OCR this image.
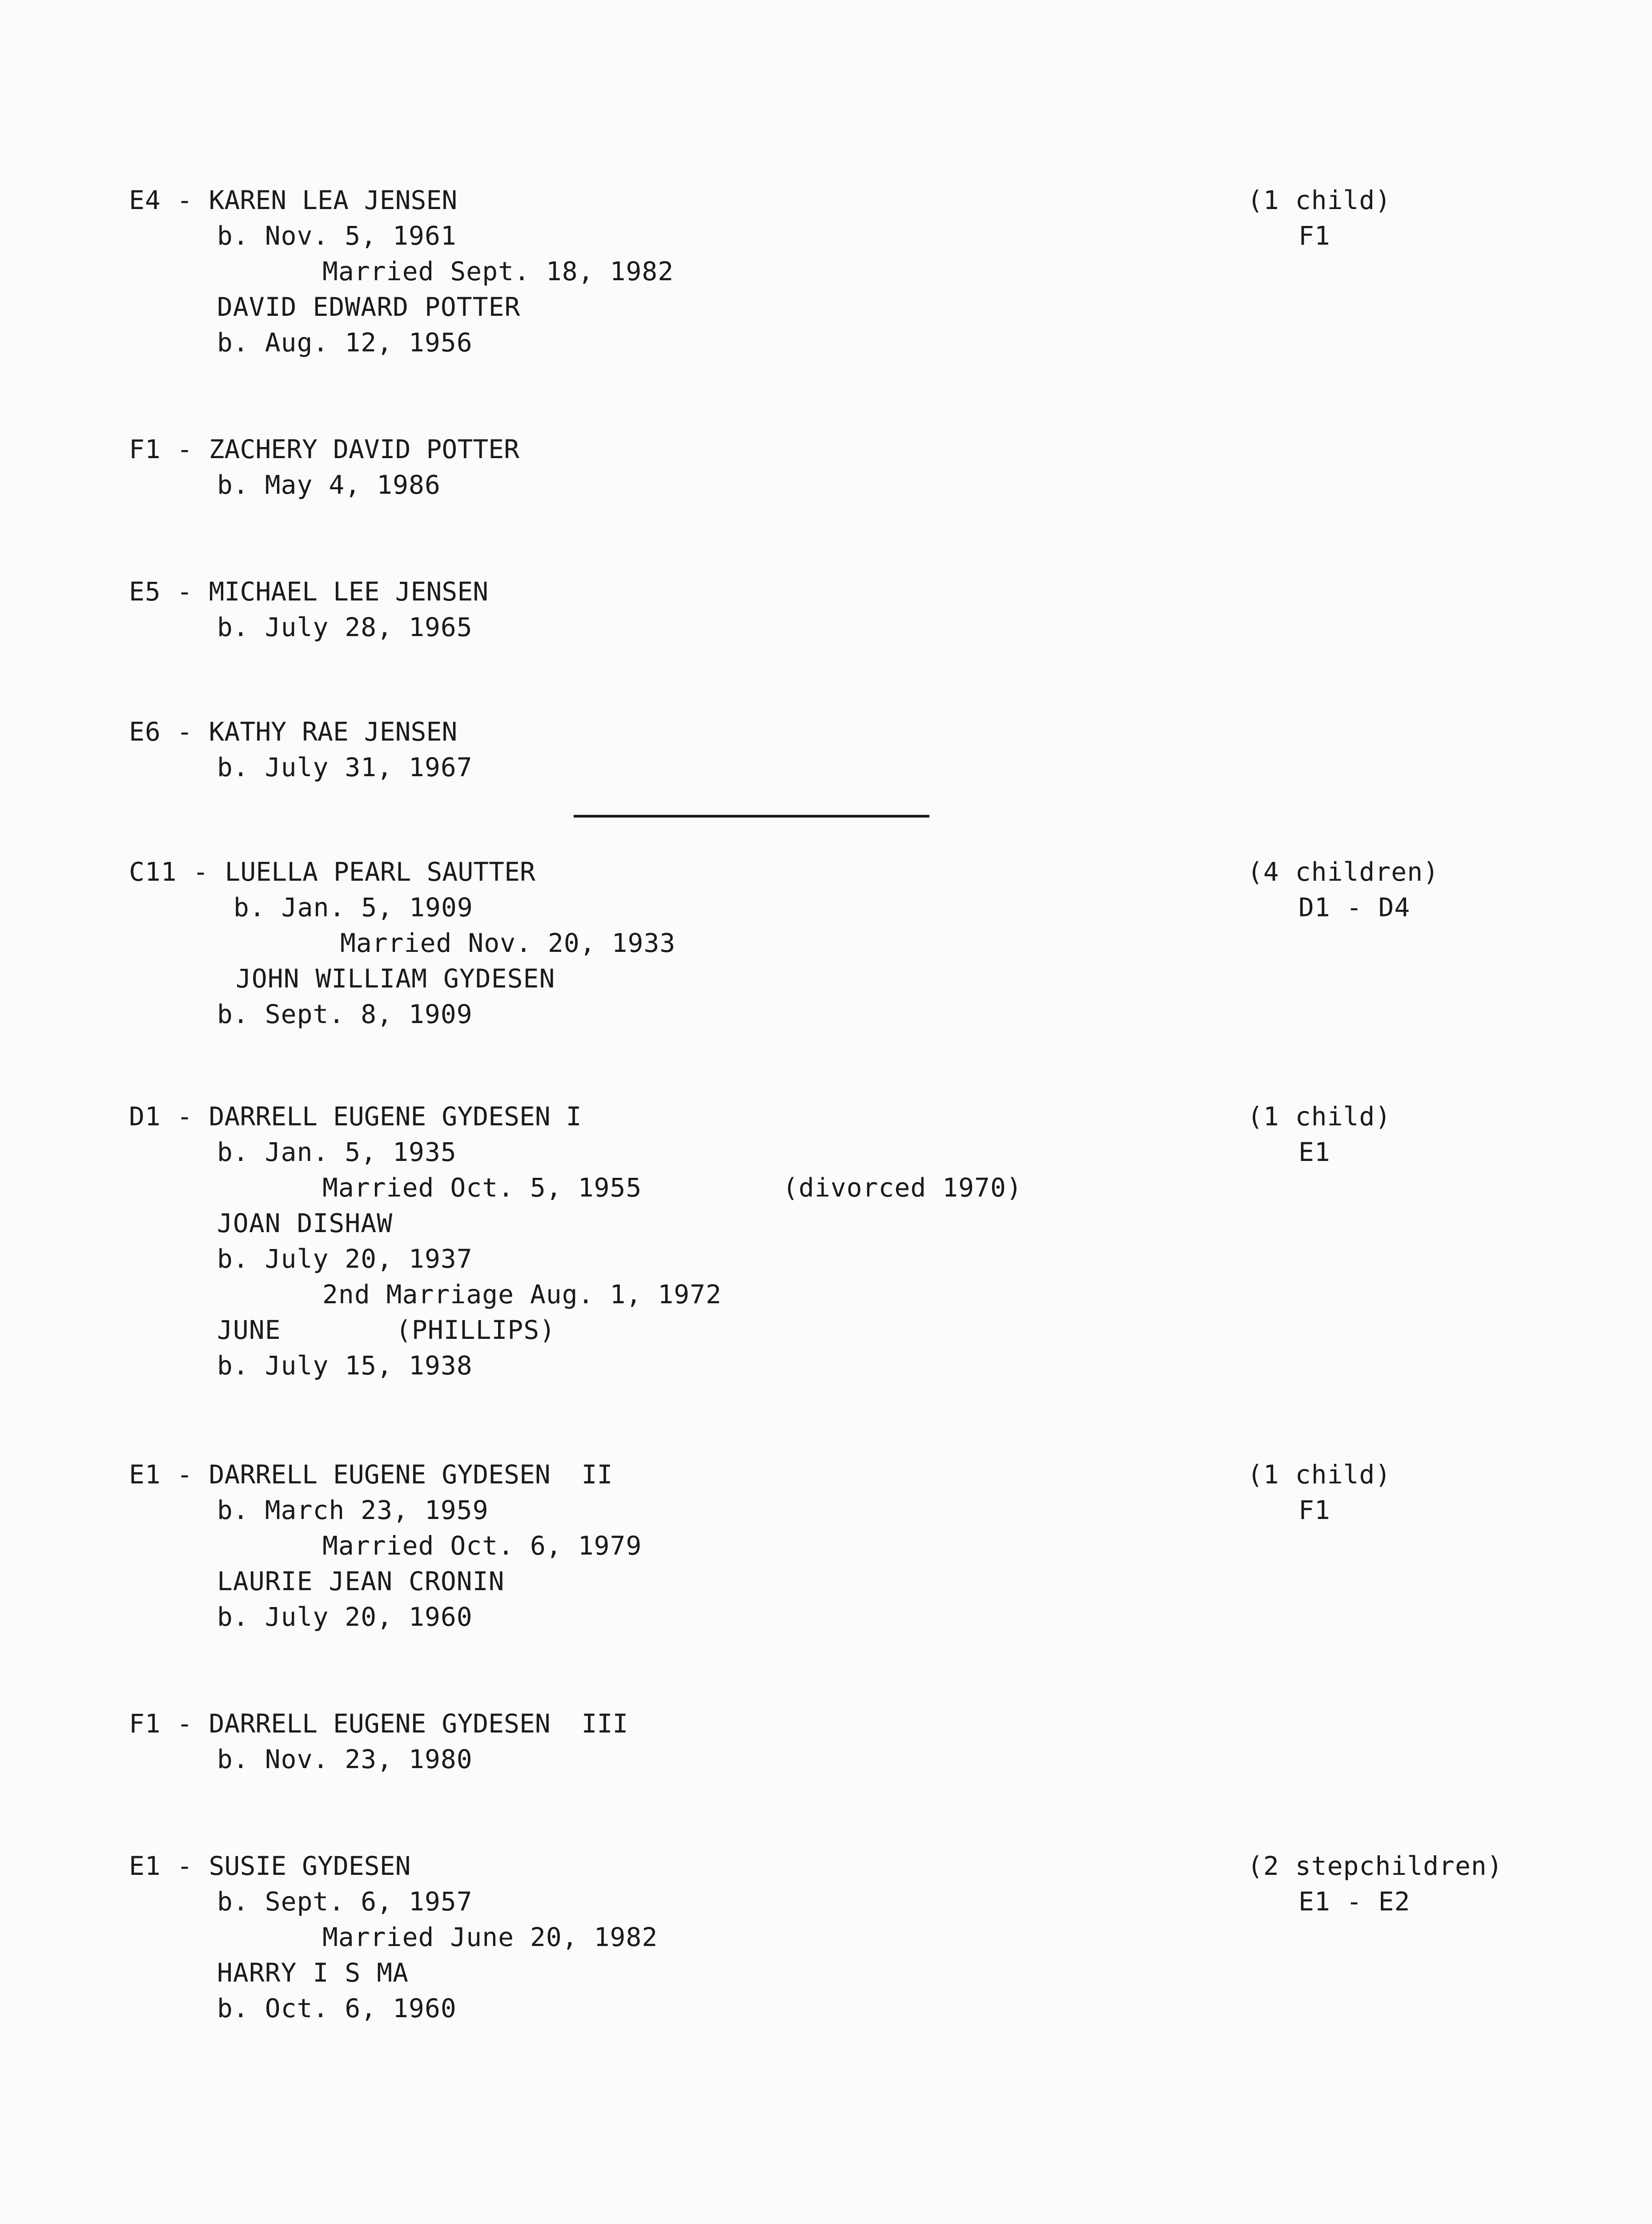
E4 - KAREN LEA JENSEN
b. Nov. 5, 1961
Married Sept. 18, 1982
DAVID EDWARD POTTER
b. Aug. 12, 1956
(1 child)
F1
F1 - ZACHERY DAVID POTTER
b. May 4, 1986
E5 - MICHAEL LEE JENSEN
b. July 28, 1965
E6 - KATHY RAE JENSEN
b. July 31, 1967
C11 - LUELLA PEARL SAUTTER
b. Jan. 5, 1909
Married Nov. 20, 1933
JOHN WILLIAM GYDESEN
b. Sept. 8, 1909
(4 children)
D1 - D4
D1 - DARRELL EUGENE GYDESEN I
b. Jan. 5, 1935
Married Oct. 5, 1955	(divorced 1970)
JOAN DISHAW
b. July 20, 1937
2nd Marriage Aug. 1, 1972
JUNE	(PHILLIPS)
b. July 15, 1938
(1 child)
E1
E1 - DARRELL EUGENE GYDESEN  II
b. March 23, 1959
Married Oct. 6, 1979
LAURIE JEAN CRONIN
b. July 20, 1960
(1 child)
F1
F1 - DARRELL EUGENE GYDESEN  III
b. Nov. 23, 1980
E1 - SUSIE GYDESEN
b. Sept. 6, 1957
Married June 20, 1982
HARRY I S MA
b. Oct. 6, 1960
(2 stepchildren)
E1 - E2
